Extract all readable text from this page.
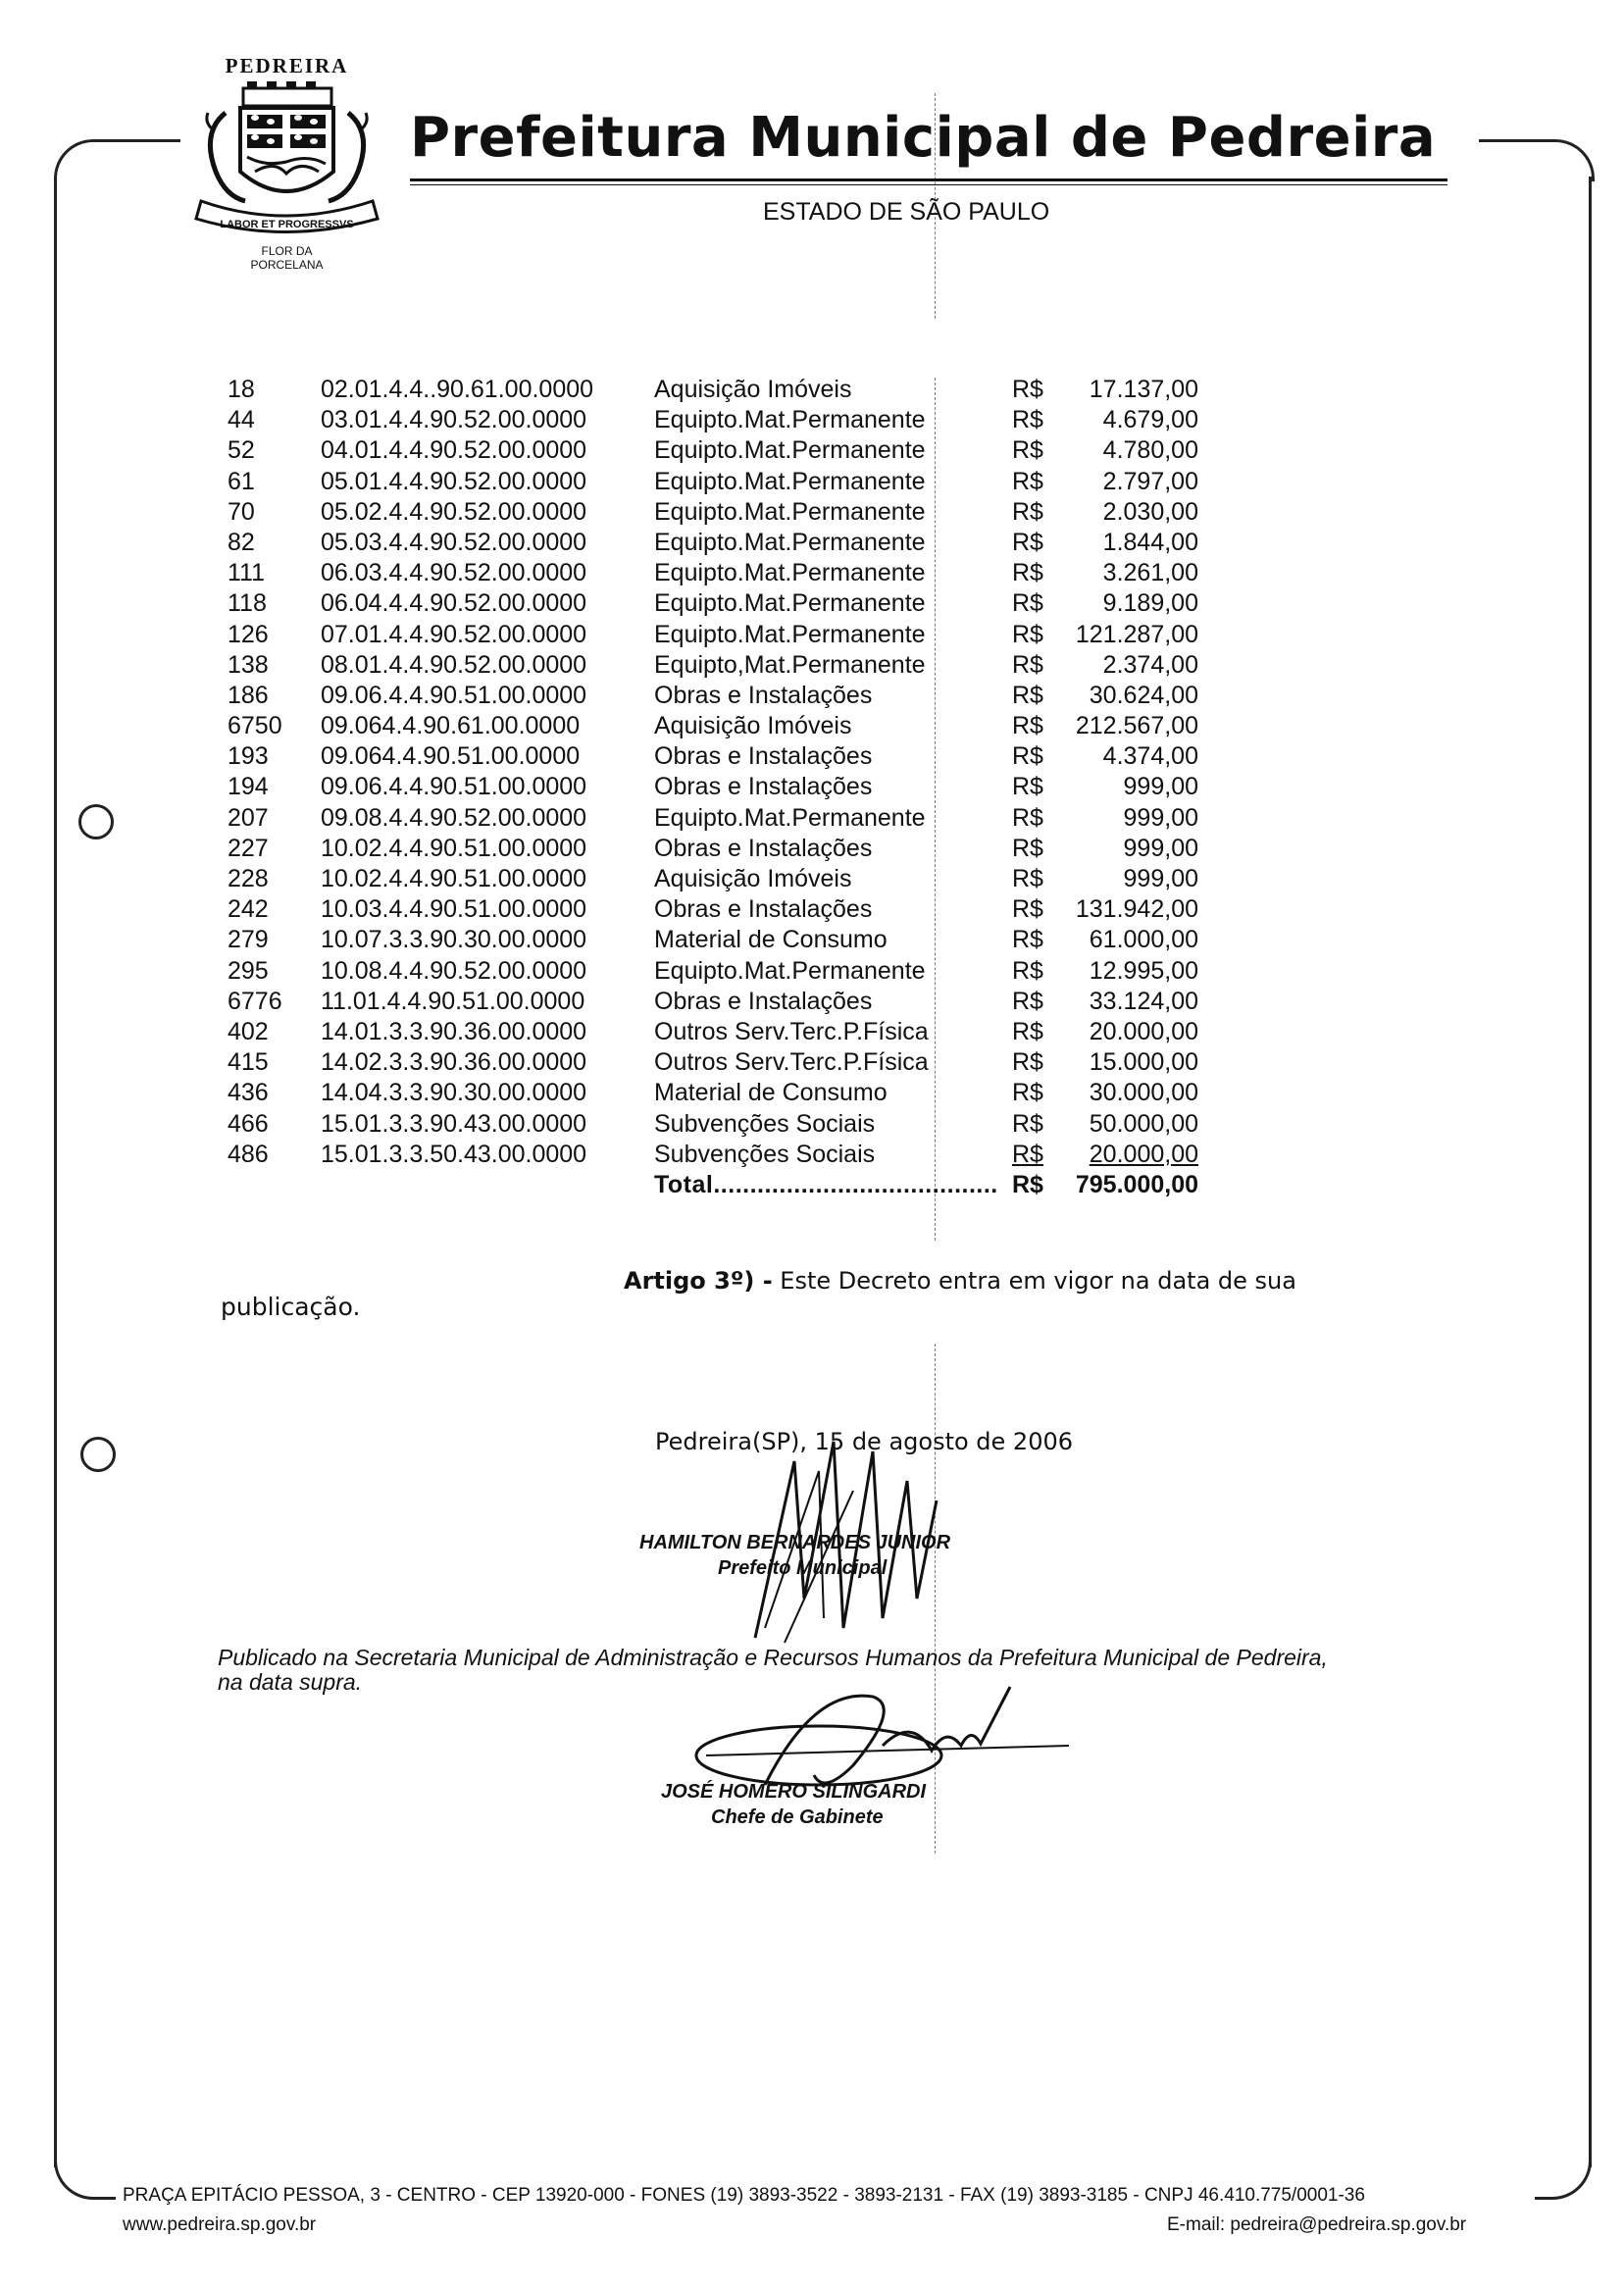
PEDREIRA
LABOR ET PROGRESSVS
FLOR DA
PORCELANA
Prefeitura Municipal de Pedreira
ESTADO DE SÃO PAULO
18	02.01.4.4..90.61.00.0000 Aquisição Imóveis	R$	17.137,00
44	03.01.4.4.90.52.00.0000	Equipto.Mat.Permanente	R$	4.679,00
52	04.01.4.4.90.52.00.0000	Equipto.Mat.Permanente	R$	4.780,00
61	05.01.4.4.90.52.00.0000	Equipto.Mat.Permanente	R$	2.797,00
70	05.02.4.4.90.52.00.0000	Equipto.Mat.Permanente	R$	2.030,00
82	05.03.4.4.90.52.00.0000	Equipto.Mat.Permanente	R$	1.844,00
111 06.03.4.4.90.52.00.0000	Equipto.Mat.Permanente	R$	3.261,00
118 06.04.4.4.90.52.00.0000	Equipto.Mat.Permanente	R$	9.189,00
126 07.01.4.4.90.52.00.0000	Equipto.Mat.Permanente	R$	121.287,00
138 08.01.4.4.90.52.00.0000	Equipto,Mat.Permanente	R$	2.374,00
186 09.06.4.4.90.51.00.0000	Obras e Instalações	R$	30.624,00
6750 09.064.4.90.61.00.0000	Aquisição Imóveis	R$	212.567,00
193 09.064.4.90.51.00.0000	Obras e Instalações	R$	4.374,00
194 09.06.4.4.90.51.00.0000	Obras e Instalações	R$	999,00
207 09.08.4.4.90.52.00.0000	Equipto.Mat.Permanente	R$	999,00
227 10.02.4.4.90.51.00.0000	Obras e Instalações	R$	999,00
228 10.02.4.4.90.51.00.0000	Aquisição Imóveis	R$	999,00
242 10.03.4.4.90.51.00.0000	Obras e Instalações	R$	131.942,00
279 10.07.3.3.90.30.00.0000	Material de Consumo	R$	61.000,00
295 10.08.4.4.90.52.00.0000	Equipto.Mat.Permanente	R$	12.995,00
6776 11.01.4.4.90.51.00.0000	Obras e Instalações	R$	33.124,00
402 14.01.3.3.90.36.00.0000	Outros Serv.Terc.P.Física	R$	20.000,00
415 14.02.3.3.90.36.00.0000	Outros Serv.Terc.P.Física	R$	15.000,00
436 14.04.3.3.90.30.00.0000	Material de Consumo	R$	30.000,00
466 15.01.3.3.90.43.00.0000	Subvenções Sociais	R$	50.000,00
486 15.01.3.3.50.43.00.0000	Subvenções Sociais	R$	20.000,00
Total....................................... R$	795.000,00
Artigo 3º) - Este Decreto entra em vigor na data de sua
publicação.
Pedreira(SP), 15 de agosto de 2006
HAMILTON BERNARDES JUNIOR
Prefeito Municipal
Publicado na Secretaria Municipal de Administração e Recursos Humanos da Prefeitura Municipal de Pedreira, na data supra.
JOSÉ HOMERO SILINGARDI
Chefe de Gabinete
PRAÇA EPITÁCIO PESSOA, 3 - CENTRO - CEP 13920-000 - FONES (19) 3893-3522 - 3893-2131 - FAX (19) 3893-3185 - CNPJ 46.410.775/0001-36
www.pedreira.sp.gov.br	E-mail: pedreira@pedreira.sp.gov.br
